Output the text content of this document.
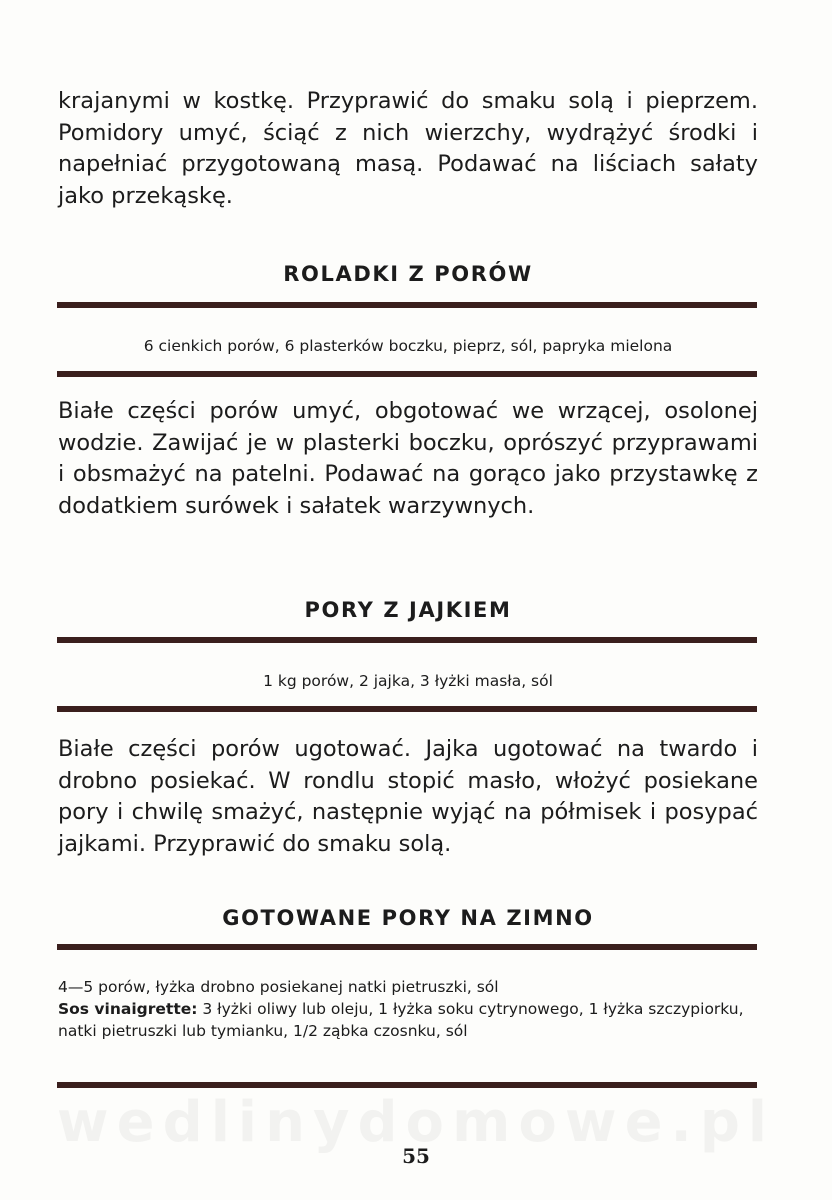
krajanymi w kostkę. Przyprawić do smaku solą i pieprzem. Pomidory umyć, ściąć z nich wierzchy, wydrążyć środki i napełniać przygotowaną masą. Podawać na liściach sałaty jako przekąskę.

ROLADKI Z PORÓW

6 cienkich porów, 6 plasterków boczku, pieprz, sól, papryka mielona

Białe części porów umyć, obgotować we wrzącej, osolonej wodzie. Zawijać je w plasterki boczku, oprószyć przyprawami i obsmażyć na patelni. Podawać na gorąco jako przystawkę z dodatkiem surówek i sałatek warzywnych.

PORY Z JAJKIEM

1 kg porów, 2 jajka, 3 łyżki masła, sól

Białe części porów ugotować. Jajka ugotować na twardo i drobno posiekać. W rondlu stopić masło, włożyć posiekane pory i chwilę smażyć, następnie wyjąć na półmisek i posypać jajkami. Przyprawić do smaku solą.

GOTOWANE PORY NA ZIMNO

4—5 porów, łyżka drobno posiekanej natki pietruszki, sól
Sos vinaigrette: 3 łyżki oliwy lub oleju, 1 łyżka soku cytrynowego, 1 łyżka szczypiorku, natki pietruszki lub tymianku, 1/2 ząbka czosnku, sól

55
